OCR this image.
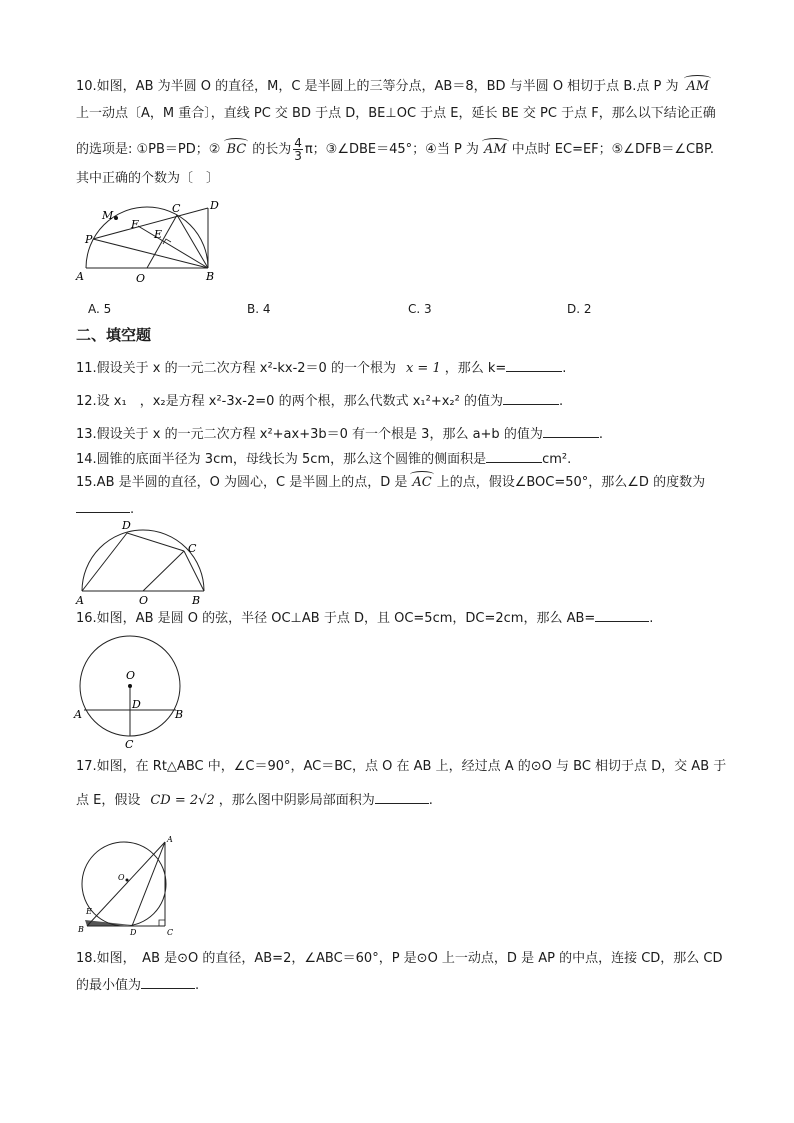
10.如图，AB 为半圆 O 的直径，M，C 是半圆上的三等分点，AB＝8，BD 与半圆 O 相切于点 B.点 P 为 AM
上一动点〔A，M 重合〕，直线 PC 交 BD 于点 D，BE⊥OC 于点 E，延长 BE 交 PC 于点 F，那么以下结论正确
的选项是: ①PB＝PD；② BC 的长为 $\frac{4}{3}$ π；③∠DBE＝45°；④当 P 为 AM 中点时 EC=EF；⑤∠DFB＝∠CBP.
其中正确的个数为〔　〕
M
C	D
F
E
P
A	O	B
A. 5	B. 4	C. 3	D. 2
二、填空题
11.假设关于 x 的一元二次方程 x²-kx-2＝0 的一个根为 x = 1 ，那么 k=	.
12.设 x₁　，x₂是方程 x²-3x-2=0 的两个根，那么代数式 x₁²+x₂² 的值为	.
13.假设关于 x 的一元二次方程 x²+ax+3b＝0 有一个根是 3，那么 a+b 的值为	.
14.圆锥的底面半径为 3cm，母线长为 5cm，那么这个圆锥的侧面积是	cm².
15.AB 是半圆的直径，O 为圆心，C 是半圆上的点，D 是 AC 上的点，假设∠BOC=50°，那么∠D 的度数为
.
D
C
A	O	B
16.如图，AB 是圆 O 的弦，半径 OC⊥AB 于点 D，且 OC=5cm，DC=2cm，那么 AB=	.
O
D
A	B
C
17.如图，在 Rt△ABC 中，∠C＝90°，AC＝BC，点 O 在 AB 上，经过点 A 的⊙O 与 BC 相切于点 D，交 AB 于
点 E，假设 CD = 2√2 ，那么图中阴影局部面积为	.
A
O
E
B	D	C
18.如图，　AB 是⊙O 的直径，AB=2，∠ABC＝60°，P 是⊙O 上一动点，D 是 AP 的中点，连接 CD，那么 CD
的最小值为	.
